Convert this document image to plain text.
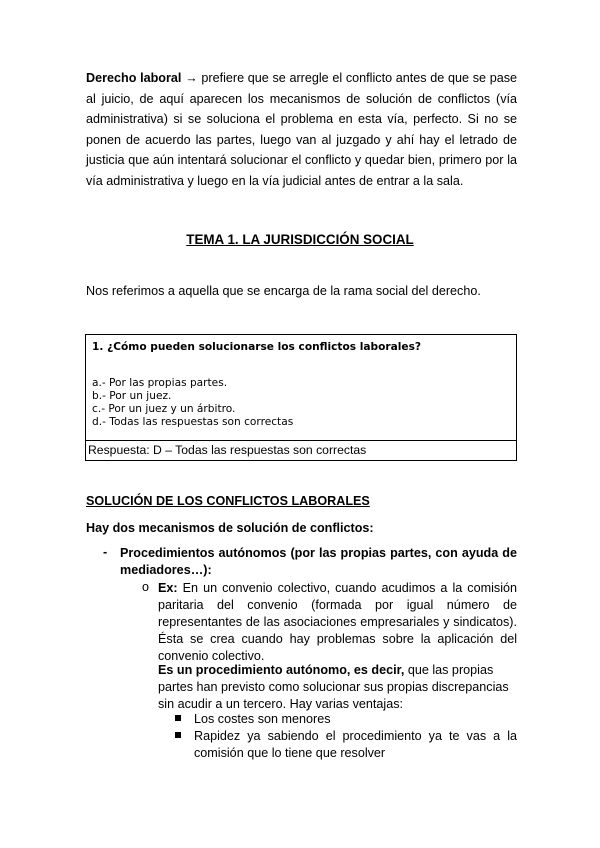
Derecho laboral → prefiere que se arregle el conflicto antes de que se pase al juicio, de aquí aparecen los mecanismos de solución de conflictos (vía administrativa) si se soluciona el problema en esta vía, perfecto. Si no se ponen de acuerdo las partes, luego van al juzgado y ahí hay el letrado de justicia que aún intentará solucionar el conflicto y quedar bien, primero por la vía administrativa y luego en la vía judicial antes de entrar a la sala.
TEMA 1. LA JURISDICCIÓN SOCIAL
Nos referimos a aquella que se encarga de la rama social del derecho.
1. ¿Cómo pueden solucionarse los conflictos laborales?
a.- Por las propias partes.
b.- Por un juez.
c.- Por un juez y un árbitro.
d.- Todas las respuestas son correctas
Respuesta: D – Todas las respuestas son correctas
SOLUCIÓN DE LOS CONFLICTOS LABORALES
Hay dos mecanismos de solución de conflictos:
- Procedimientos autónomos (por las propias partes, con ayuda de mediadores…):
o Ex: En un convenio colectivo, cuando acudimos a la comisión paritaria del convenio (formada por igual número de representantes de las asociaciones empresariales y sindicatos). Ésta se crea cuando hay problemas sobre la aplicación del convenio colectivo.
Es un procedimiento autónomo, es decir, que las propias partes han previsto como solucionar sus propias discrepancias sin acudir a un tercero. Hay varias ventajas:
Los costes son menores
Rapidez ya sabiendo el procedimiento ya te vas a la comisión que lo tiene que resolver
